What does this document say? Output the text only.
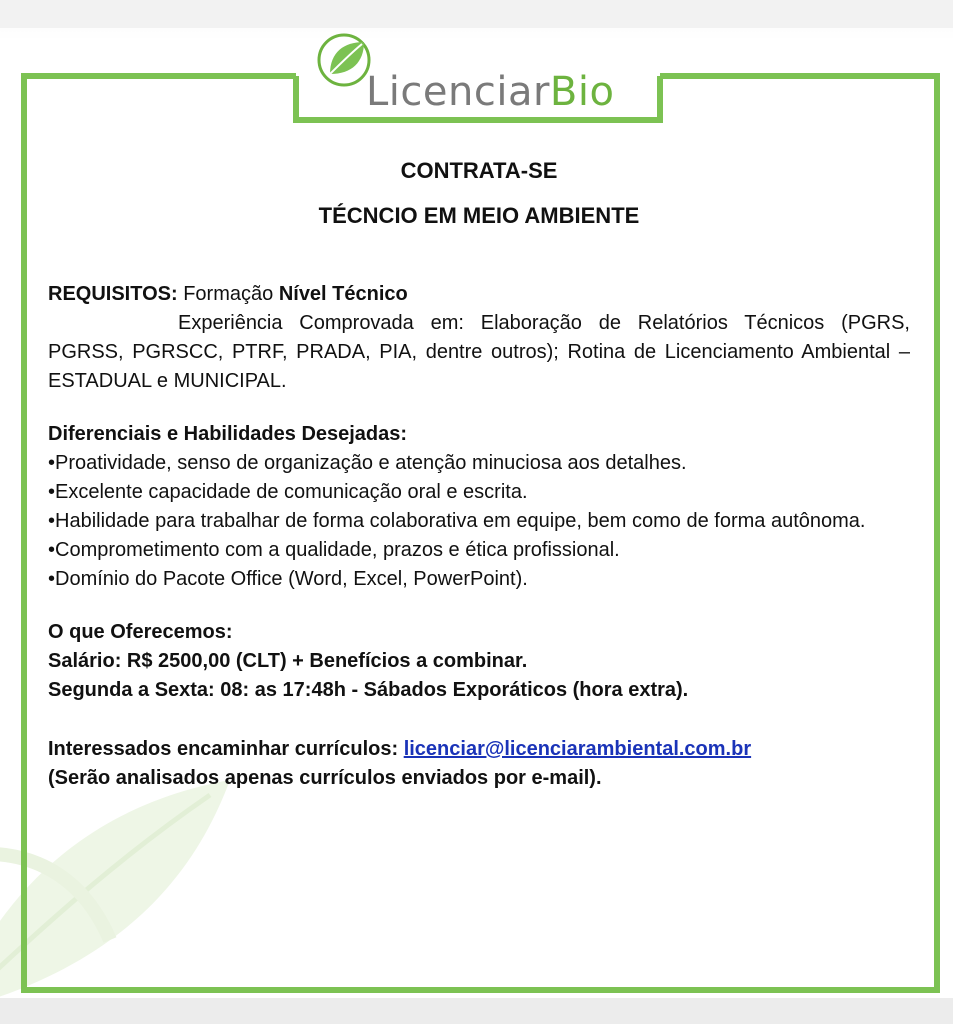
LicenciarBio
CONTRATA-SE
TÉCNCIO EM MEIO AMBIENTE

REQUISITOS: Formação Nível Técnico

Experiência Comprovada em: Elaboração de Relatórios Técnicos (PGRS, PGRSS, PGRSCC, PTRF, PRADA, PIA, dentre outros); Rotina de Licenciamento Ambiental – ESTADUAL e MUNICIPAL.

Diferenciais e Habilidades Desejadas:

•Proatividade, senso de organização e atenção minuciosa aos detalhes.

•Excelente capacidade de comunicação oral e escrita.

•Habilidade para trabalhar de forma colaborativa em equipe, bem como de forma autônoma.

•Comprometimento com a qualidade, prazos e ética profissional.

•Domínio do Pacote Office (Word, Excel, PowerPoint).

O que Oferecemos:

Salário: R$ 2500,00 (CLT) + Benefícios a combinar.

Segunda a Sexta: 08: as 17:48h - Sábados Exporáticos (hora extra).

Interessados encaminhar currículos: licenciar@licenciarambiental.com.br

(Serão analisados apenas currículos enviados por e-mail).
